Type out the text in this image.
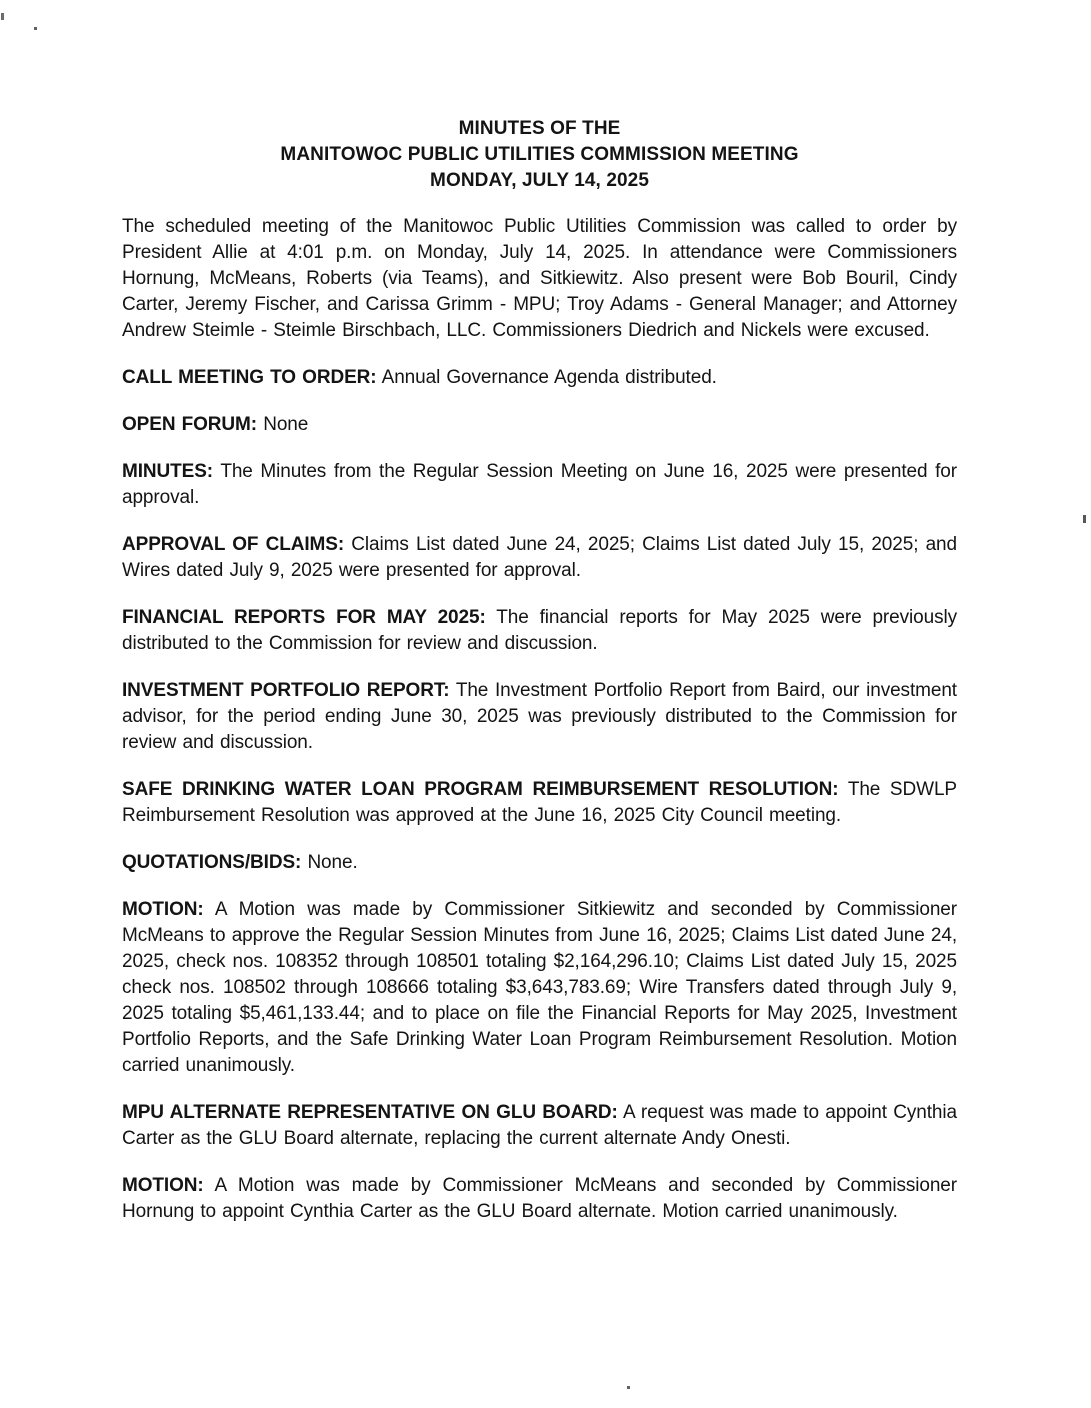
MINUTES OF THE
MANITOWOC PUBLIC UTILITIES COMMISSION MEETING
MONDAY, JULY 14, 2025

The scheduled meeting of the Manitowoc Public Utilities Commission was called to order by President Allie at 4:01 p.m. on Monday, July 14, 2025. In attendance were Commissioners Hornung, McMeans, Roberts (via Teams), and Sitkiewitz. Also present were Bob Bouril, Cindy Carter, Jeremy Fischer, and Carissa Grimm - MPU; Troy Adams - General Manager; and Attorney Andrew Steimle - Steimle Birschbach, LLC. Commissioners Diedrich and Nickels were excused.

CALL MEETING TO ORDER: Annual Governance Agenda distributed.

OPEN FORUM: None

MINUTES: The Minutes from the Regular Session Meeting on June 16, 2025 were presented for approval.

APPROVAL OF CLAIMS: Claims List dated June 24, 2025; Claims List dated July 15, 2025; and Wires dated July 9, 2025 were presented for approval.

FINANCIAL REPORTS FOR MAY 2025: The financial reports for May 2025 were previously distributed to the Commission for review and discussion.

INVESTMENT PORTFOLIO REPORT: The Investment Portfolio Report from Baird, our investment advisor, for the period ending June 30, 2025 was previously distributed to the Commission for review and discussion.

SAFE DRINKING WATER LOAN PROGRAM REIMBURSEMENT RESOLUTION: The SDWLP Reimbursement Resolution was approved at the June 16, 2025 City Council meeting.

QUOTATIONS/BIDS: None.

MOTION: A Motion was made by Commissioner Sitkiewitz and seconded by Commissioner McMeans to approve the Regular Session Minutes from June 16, 2025; Claims List dated June 24, 2025, check nos. 108352 through 108501 totaling $2,164,296.10; Claims List dated July 15, 2025 check nos. 108502 through 108666 totaling $3,643,783.69; Wire Transfers dated through July 9, 2025 totaling $5,461,133.44; and to place on file the Financial Reports for May 2025, Investment Portfolio Reports, and the Safe Drinking Water Loan Program Reimbursement Resolution. Motion carried unanimously.

MPU ALTERNATE REPRESENTATIVE ON GLU BOARD: A request was made to appoint Cynthia Carter as the GLU Board alternate, replacing the current alternate Andy Onesti.

MOTION: A Motion was made by Commissioner McMeans and seconded by Commissioner Hornung to appoint Cynthia Carter as the GLU Board alternate. Motion carried unanimously.
